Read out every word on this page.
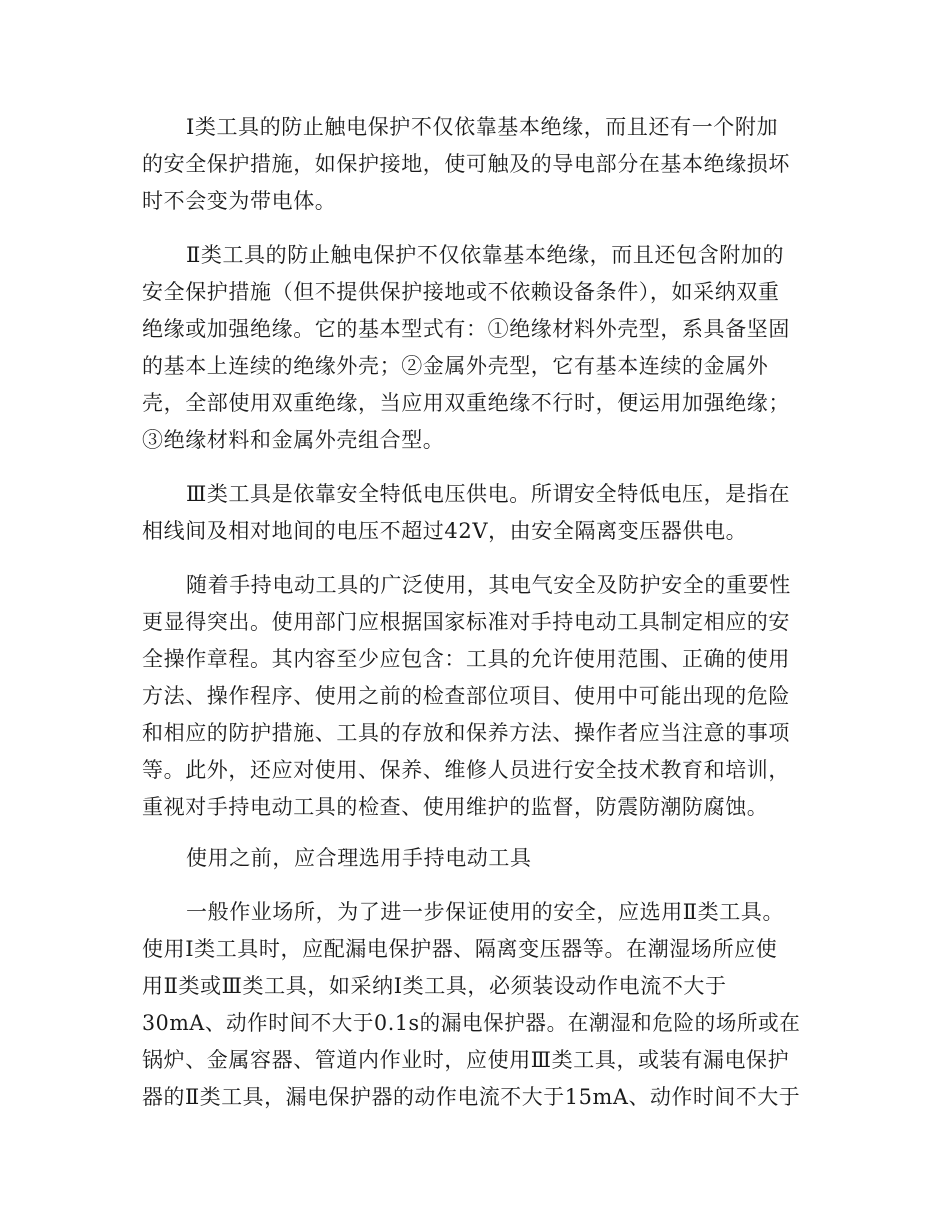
Ⅰ类工具的防止触电保护不仅依靠基本绝缘，而且还有一个附加
的安全保护措施，如保护接地，使可触及的导电部分在基本绝缘损坏
时不会变为带电体。
Ⅱ类工具的防止触电保护不仅依靠基本绝缘，而且还包含附加的
安全保护措施（但不提供保护接地或不依赖设备条件），如采纳双重
绝缘或加强绝缘。它的基本型式有：①绝缘材料外壳型，系具备坚固
的基本上连续的绝缘外壳；②金属外壳型，它有基本连续的金属外
壳，全部使用双重绝缘，当应用双重绝缘不行时，便运用加强绝缘；
③绝缘材料和金属外壳组合型。
Ⅲ类工具是依靠安全特低电压供电。所谓安全特低电压，是指在
相线间及相对地间的电压不超过42V，由安全隔离变压器供电。
随着手持电动工具的广泛使用，其电气安全及防护安全的重要性
更显得突出。使用部门应根据国家标准对手持电动工具制定相应的安
全操作章程。其内容至少应包含：工具的允许使用范围、正确的使用
方法、操作程序、使用之前的检查部位项目、使用中可能出现的危险
和相应的防护措施、工具的存放和保养方法、操作者应当注意的事项
等。此外，还应对使用、保养、维修人员进行安全技术教育和培训，
重视对手持电动工具的检查、使用维护的监督，防震防潮防腐蚀。
使用之前，应合理选用手持电动工具
一般作业场所，为了进一步保证使用的安全，应选用Ⅱ类工具。
使用Ⅰ类工具时，应配漏电保护器、隔离变压器等。在潮湿场所应使
用Ⅱ类或Ⅲ类工具，如采纳Ⅰ类工具，必须装设动作电流不大于
30mA、动作时间不大于0.1s的漏电保护器。在潮湿和危险的场所或在
锅炉、金属容器、管道内作业时，应使用Ⅲ类工具，或装有漏电保护
器的Ⅱ类工具，漏电保护器的动作电流不大于15mA、动作时间不大于
